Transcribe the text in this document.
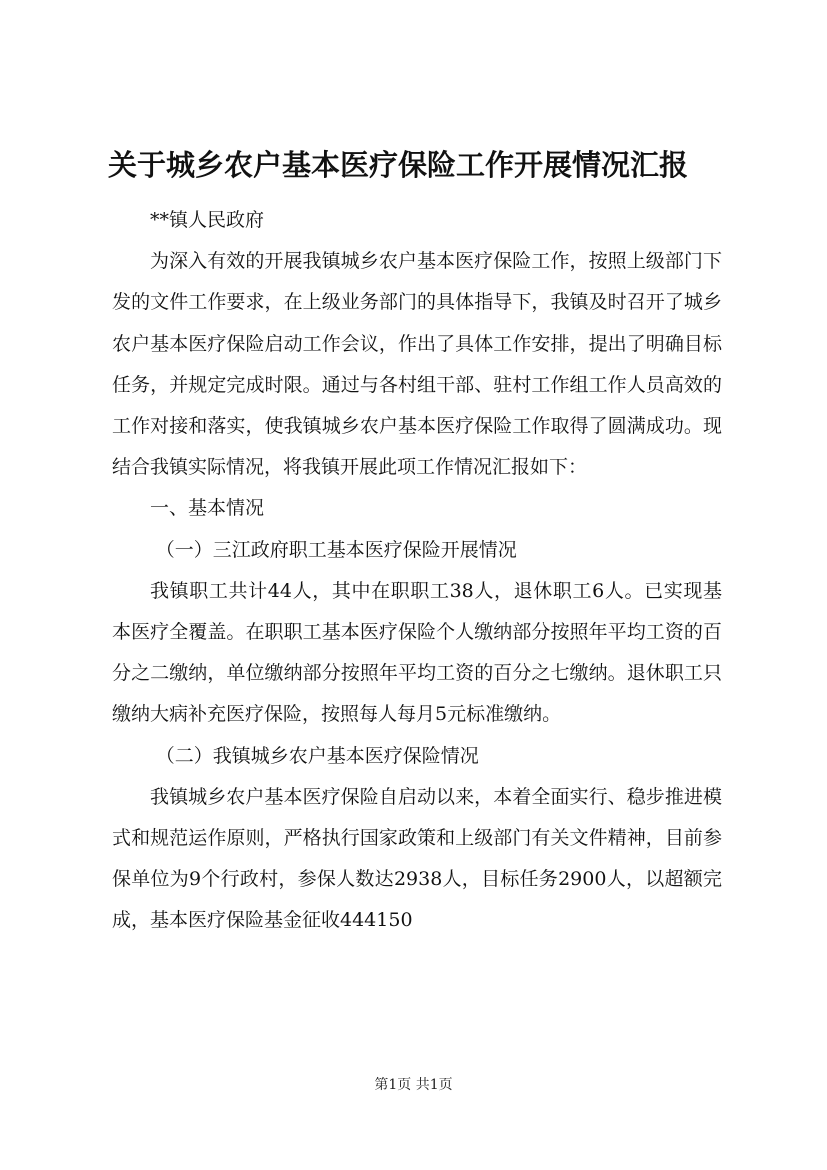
关于城乡农户基本医疗保险工作开展情况汇报

**镇人民政府

为深入有效的开展我镇城乡农户基本医疗保险工作，按照上级部门下发的文件工作要求，在上级业务部门的具体指导下，我镇及时召开了城乡农户基本医疗保险启动工作会议，作出了具体工作安排，提出了明确目标任务，并规定完成时限。通过与各村组干部、驻村工作组工作人员高效的工作对接和落实，使我镇城乡农户基本医疗保险工作取得了圆满成功。现结合我镇实际情况，将我镇开展此项工作情况汇报如下：

一、基本情况

（一）三江政府职工基本医疗保险开展情况

我镇职工共计44人，其中在职职工38人，退休职工6人。已实现基本医疗全覆盖。在职职工基本医疗保险个人缴纳部分按照年平均工资的百分之二缴纳，单位缴纳部分按照年平均工资的百分之七缴纳。退休职工只缴纳大病补充医疗保险，按照每人每月5元标准缴纳。

（二）我镇城乡农户基本医疗保险情况

我镇城乡农户基本医疗保险自启动以来，本着全面实行、稳步推进模式和规范运作原则，严格执行国家政策和上级部门有关文件精神，目前参保单位为9个行政村，参保人数达2938人，目标任务2900人，以超额完成，基本医疗保险基金征收444150

第1页 共1页
